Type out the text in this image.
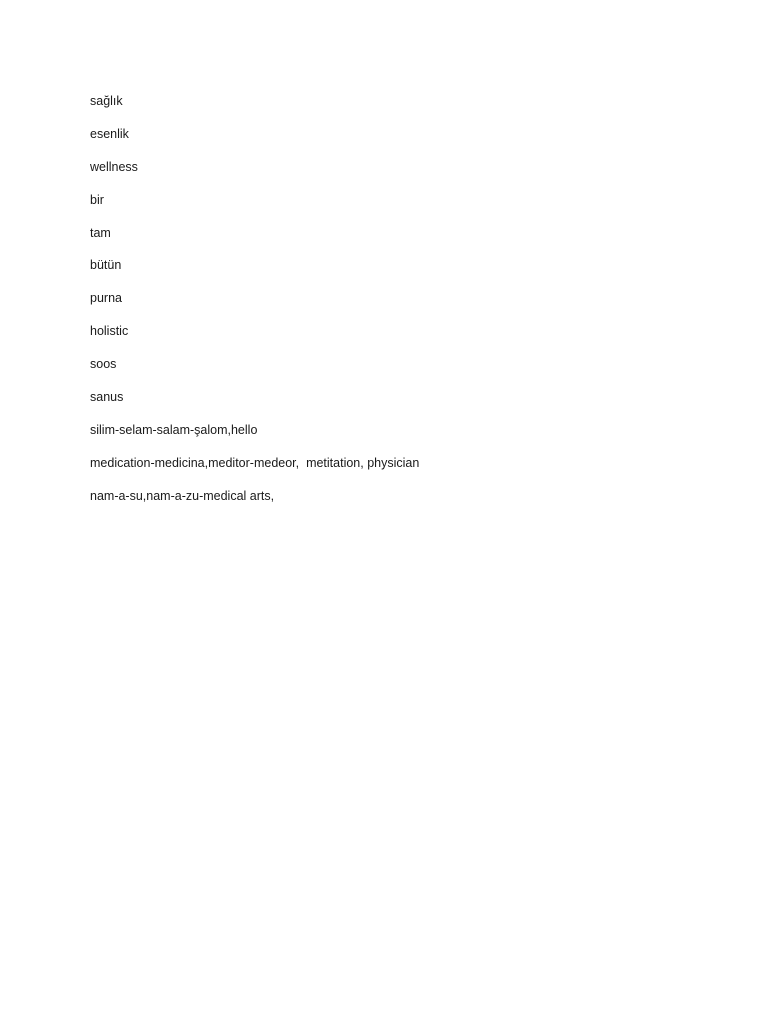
sağlık

esenlik

wellness

bir

tam

bütün

purna

holistic

soos

sanus

silim-selam-salam-şalom,hello

medication-medicina,meditor-medeor,  metitation, physician

nam-a-su,nam-a-zu-medical arts,
